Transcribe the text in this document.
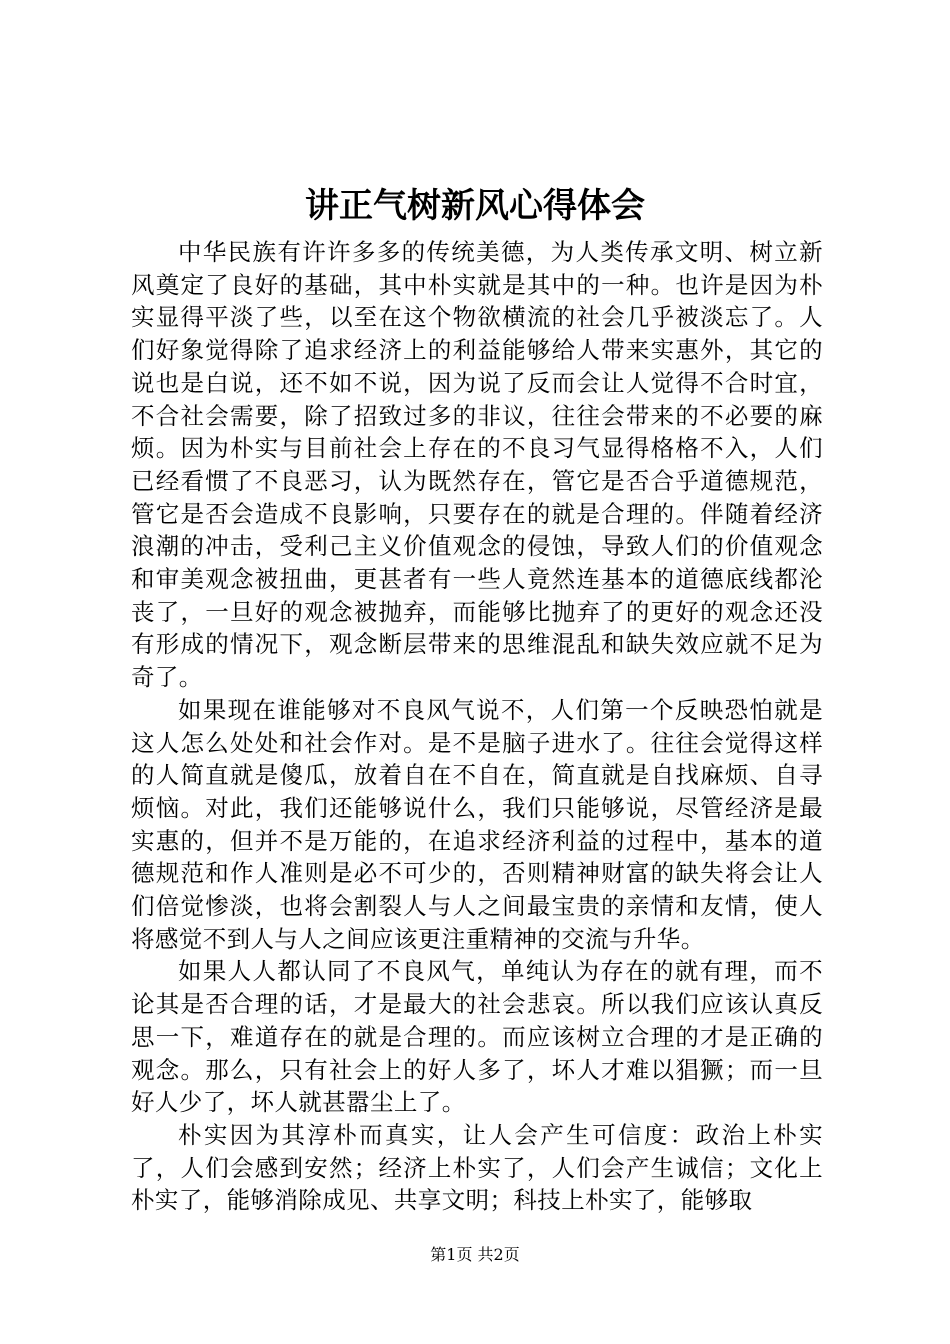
讲正气树新风心得体会

中华民族有许许多多的传统美德，为人类传承文明、树立新风奠定了良好的基础，其中朴实就是其中的一种。也许是因为朴实显得平淡了些，以至在这个物欲横流的社会几乎被淡忘了。人们好象觉得除了追求经济上的利益能够给人带来实惠外，其它的说也是白说，还不如不说，因为说了反而会让人觉得不合时宜，不合社会需要，除了招致过多的非议，往往会带来的不必要的麻烦。因为朴实与目前社会上存在的不良习气显得格格不入，人们已经看惯了不良恶习，认为既然存在，管它是否合乎道德规范，管它是否会造成不良影响，只要存在的就是合理的。伴随着经济浪潮的冲击，受利己主义价值观念的侵蚀，导致人们的价值观念和审美观念被扭曲，更甚者有一些人竟然连基本的道德底线都沦丧了，一旦好的观念被抛弃，而能够比抛弃了的更好的观念还没有形成的情况下，观念断层带来的思维混乱和缺失效应就不足为奇了。

如果现在谁能够对不良风气说不，人们第一个反映恐怕就是这人怎么处处和社会作对。是不是脑子进水了。往往会觉得这样的人简直就是傻瓜，放着自在不自在，简直就是自找麻烦、自寻烦恼。对此，我们还能够说什么，我们只能够说，尽管经济是最实惠的，但并不是万能的，在追求经济利益的过程中，基本的道德规范和作人准则是必不可少的，否则精神财富的缺失将会让人们倍觉惨淡，也将会割裂人与人之间最宝贵的亲情和友情，使人将感觉不到人与人之间应该更注重精神的交流与升华。

如果人人都认同了不良风气，单纯认为存在的就有理，而不论其是否合理的话，才是最大的社会悲哀。所以我们应该认真反思一下，难道存在的就是合理的。而应该树立合理的才是正确的观念。那么，只有社会上的好人多了，坏人才难以猖獗；而一旦好人少了，坏人就甚嚣尘上了。

朴实因为其淳朴而真实，让人会产生可信度：政治上朴实了，人们会感到安然；经济上朴实了，人们会产生诚信；文化上朴实了，能够消除成见、共享文明；科技上朴实了，能够取

第1页 共2页
